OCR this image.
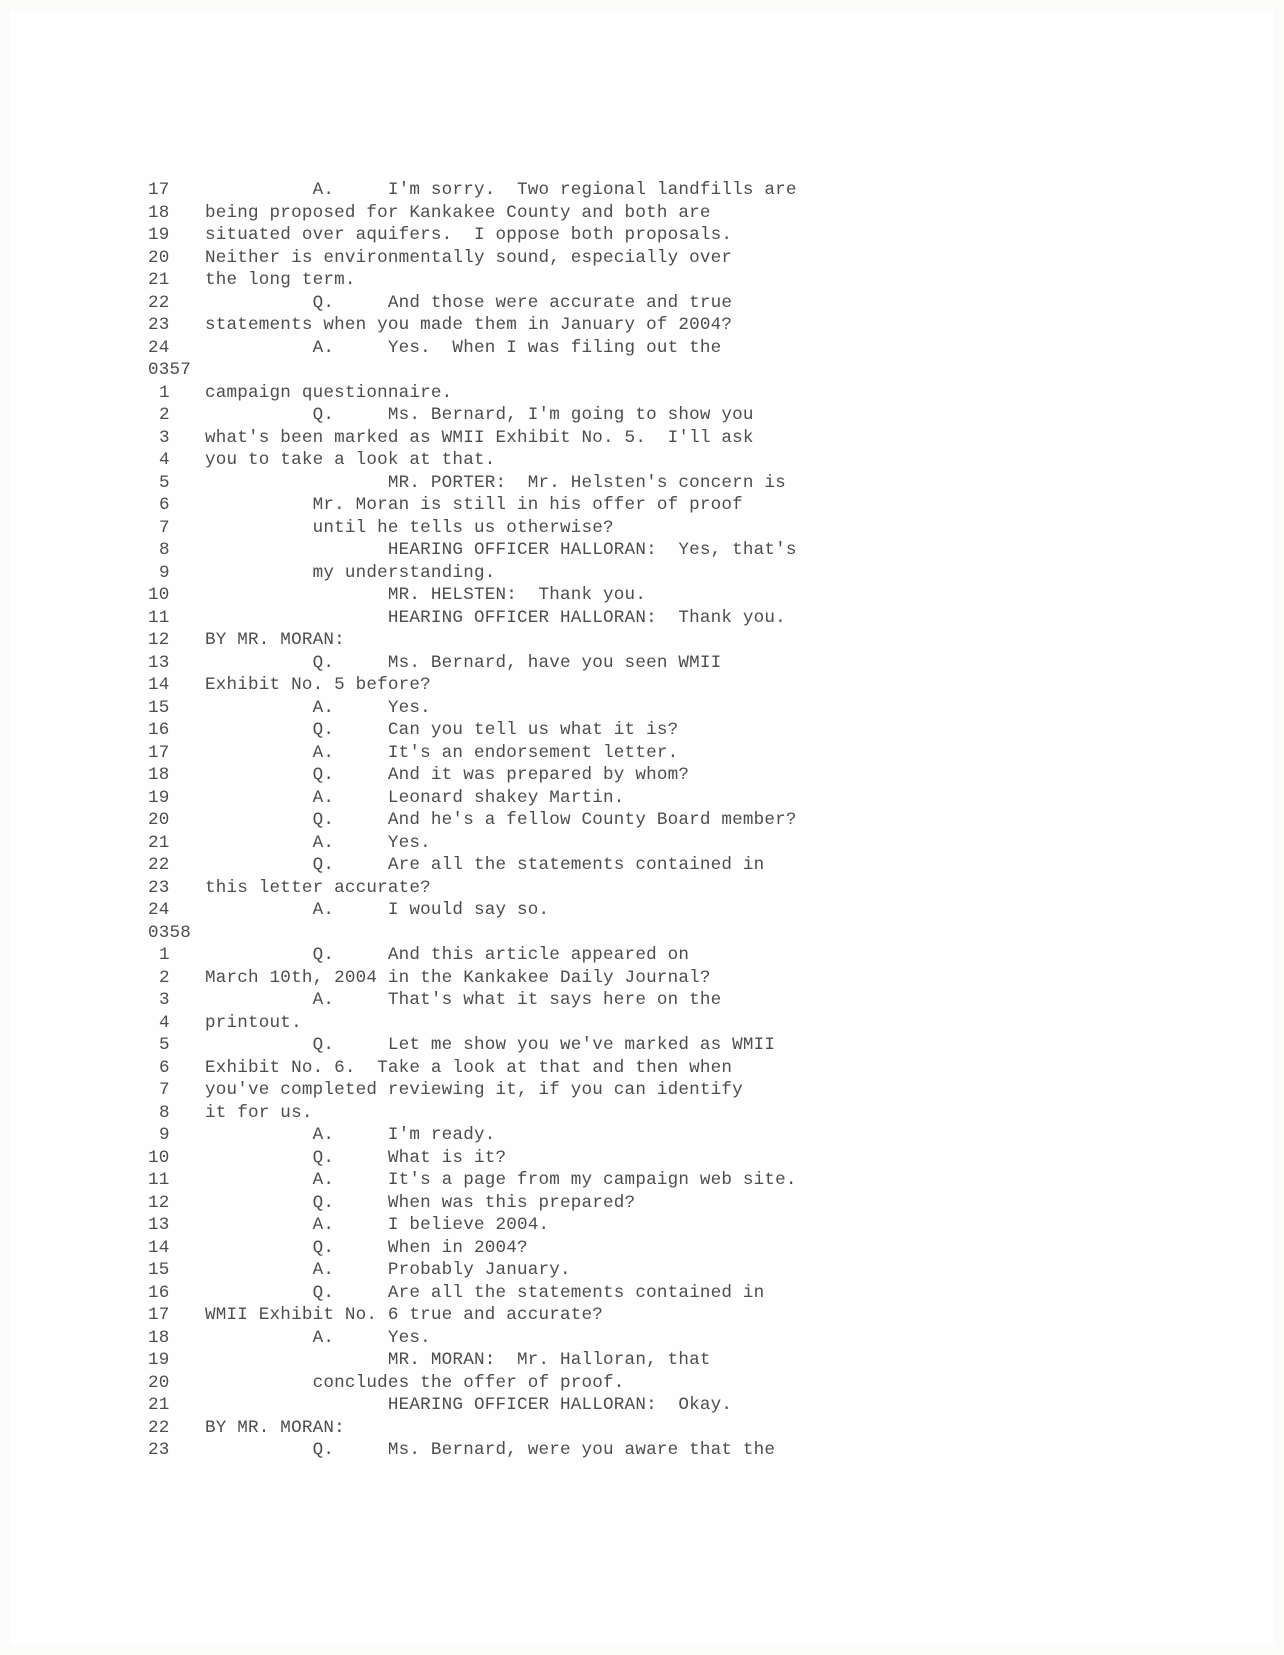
17	A.     I'm sorry.  Two regional landfills are
18	being proposed for Kankakee County and both are
19	situated over aquifers.  I oppose both proposals.
20	Neither is environmentally sound, especially over
21	the long term.
22	Q.     And those were accurate and true
23	statements when you made them in January of 2004?
24	A.     Yes.  When I was filing out the
0357
1	campaign questionnaire.
2	Q.     Ms. Bernard, I'm going to show you
3	what's been marked as WMII Exhibit No. 5.  I'll ask
4	you to take a look at that.
5	MR. PORTER:  Mr. Helsten's concern is
6	Mr. Moran is still in his offer of proof
7	until he tells us otherwise?
8	HEARING OFFICER HALLORAN:  Yes, that's
9	my understanding.
10	MR. HELSTEN:  Thank you.
11	HEARING OFFICER HALLORAN:  Thank you.
12	BY MR. MORAN:
13	Q.     Ms. Bernard, have you seen WMII
14	Exhibit No. 5 before?
15	A.     Yes.
16	Q.     Can you tell us what it is?
17	A.     It's an endorsement letter.
18	Q.     And it was prepared by whom?
19	A.     Leonard shakey Martin.
20	Q.     And he's a fellow County Board member?
21	A.     Yes.
22	Q.     Are all the statements contained in
23	this letter accurate?
24	A.     I would say so.
0358
1	Q.     And this article appeared on
2	March 10th, 2004 in the Kankakee Daily Journal?
3	A.     That's what it says here on the
4	printout.
5	Q.     Let me show you we've marked as WMII
6	Exhibit No. 6.  Take a look at that and then when
7	you've completed reviewing it, if you can identify
8	it for us.
9	A.     I'm ready.
10	Q.     What is it?
11	A.     It's a page from my campaign web site.
12	Q.     When was this prepared?
13	A.     I believe 2004.
14	Q.     When in 2004?
15	A.     Probably January.
16	Q.     Are all the statements contained in
17	WMII Exhibit No. 6 true and accurate?
18	A.     Yes.
19	MR. MORAN:  Mr. Halloran, that
20	concludes the offer of proof.
21	HEARING OFFICER HALLORAN:  Okay.
22	BY MR. MORAN:
23	Q.     Ms. Bernard, were you aware that the
